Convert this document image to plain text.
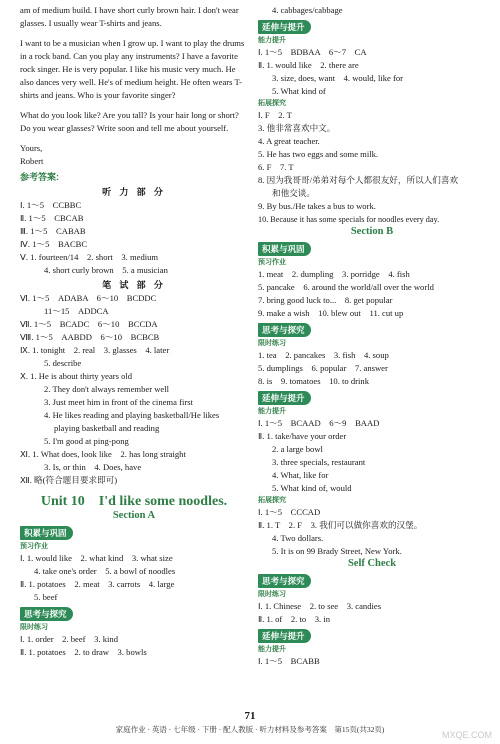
am of medium build. I have short curly brown hair. I don't wear glasses. I usually wear T-shirts and jeans.

I want to be a musician when I grow up. I want to play the drums in a rock band. Can you play any instruments? I have a favorite rock singer. He is very popular. I like his music very much. He also dances very well. He's of medium height. He often wears T-shirts and jeans. Who is your favorite singer?

What do you look like? Are you tall? Is your hair long or short? Do you wear glasses? Write soon and tell me about yourself.

Yours,

Robert

参考答案:

听 力 部 分

Ⅰ. 1～5　CCBBC

Ⅱ. 1～5　CBCAB

Ⅲ. 1～5　CABAB

Ⅳ. 1～5　BACBC

Ⅴ. 1. fourteen/14　2. short　3. medium

4. short curly brown　5. a musician

笔 试 部 分

Ⅵ. 1～5　ADABA　6～10　BCDDC

11～15　ADDCA

Ⅶ. 1～5　BCADC　6～10　BCCDA

Ⅷ. 1～5　AABDD　6～10　BCBCB

Ⅸ. 1. tonight　2. real　3. glasses　4. later

5. describe

Ⅹ. 1. He is about thirty years old

2. They don't always remember well

3. Just meet him in front of the cinema first

4. He likes reading and playing basketball/He likes

playing basketball and reading

5. I'm good at ping-pong

Ⅺ. 1. What does, look like　2. has long straight

3. Is, or thin　4. Does, have

Ⅻ. 略(符合题目要求即可)

Unit 10　I'd like some noodles.

Section A

积累与巩固

预习作业

Ⅰ. 1. would like　2. what kind　3. what size

4. take one's order　5. a bowl of noodles

Ⅱ. 1. potatoes　2. meat　3. carrots　4. large

5. beef

思考与探究

限时练习

Ⅰ. 1. order　2. beef　3. kind

Ⅱ. 1. potatoes　2. to draw　3. bowls

4. cabbages/cabbage

延伸与提升

能力提升

Ⅰ. 1～5　BDBAA　6～7　CA

Ⅱ. 1. would like　2. there are

3. size, does, want　4. would, like for

5. What kind of

拓展探究

Ⅰ. F　2. T

3. 他非常喜欢中文。

4. A great teacher.

5. He has two eggs and some milk.

6. F　7. T

8. 因为我哥哥/弟弟对每个人都很友好，所以人们喜欢

和他交谈。

9. By bus./He takes a bus to work.

10. Because it has some specials for noodles every day.

Section B

积累与巩固

预习作业

1. meat　2. dumpling　3. porridge　4. fish

5. pancake　6. around the world/all over the world

7. bring good luck to...　8. get popular

9. make a wish　10. blew out　11. cut up

思考与探究

限时练习

1. tea　2. pancakes　3. fish　4. soup

5. dumplings　6. popular　7. answer

8. is　9. tomatoes　10. to drink

延伸与提升

能力提升

Ⅰ. 1～5　BCAAD　6～9　BAAD

Ⅱ. 1. take/have your order

2. a large bowl

3. three specials, restaurant

4. What, like for

5. What kind of, would

拓展探究

Ⅰ. 1～5　CCCAD

Ⅱ. 1. T　2. F　3. 我们可以做你喜欢的汉堡。

4. Two dollars.

5. It is on 99 Brady Street, New York.

Self Check

思考与探究

限时练习

Ⅰ. 1. Chinese　2. to see　3. candies

Ⅱ. 1. of　2. to　3. in

延伸与提升

能力提升

Ⅰ. 1～5　BCABB

71
家庭作业 · 英语 · 七年级 · 下册 · 配人教版 · 听力材料及参考答案　第15页(共32页)
MXQE.COM
